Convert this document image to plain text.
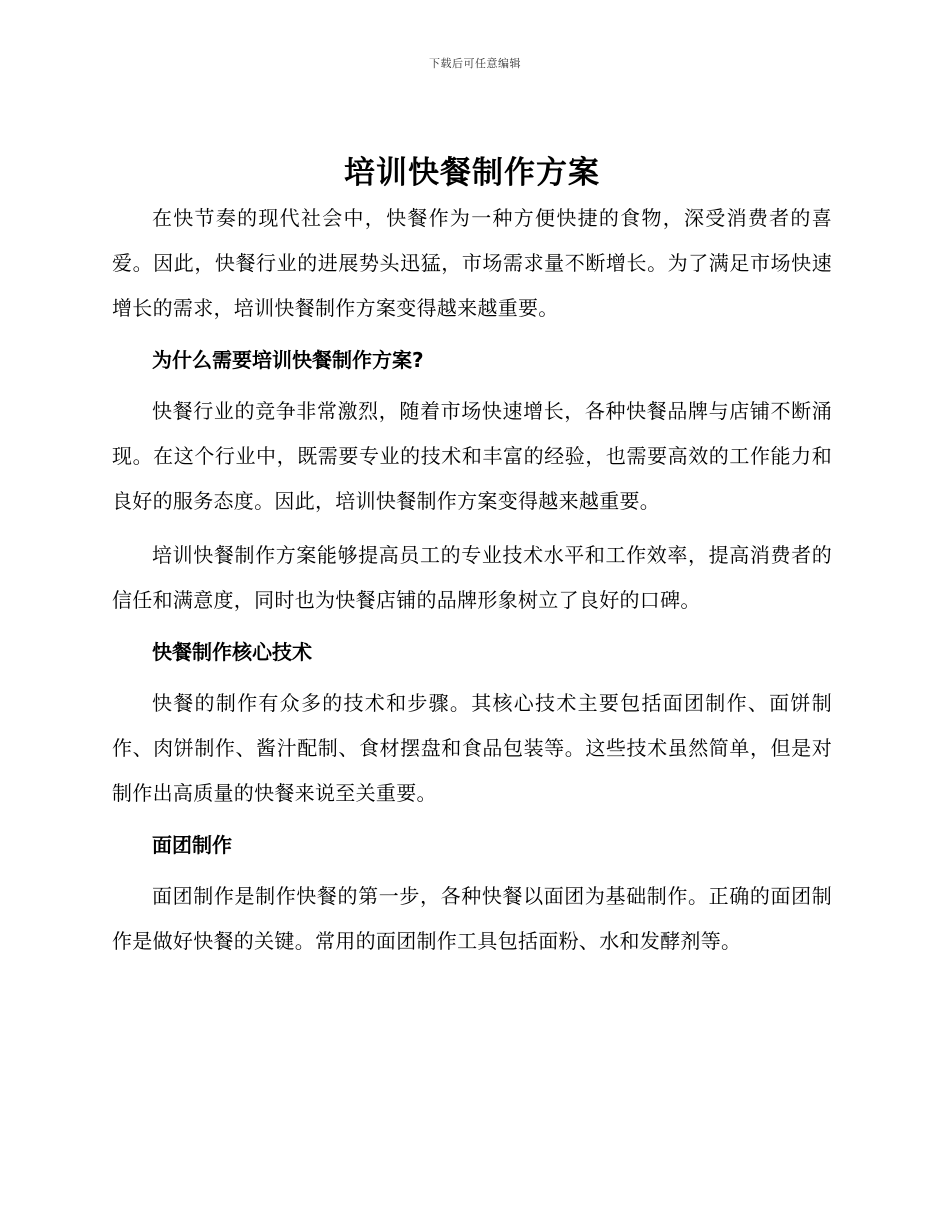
下载后可任意编辑
培训快餐制作方案

在快节奏的现代社会中，快餐作为一种方便快捷的食物，深受消费者的喜爱。因此，快餐行业的进展势头迅猛，市场需求量不断增长。为了满足市场快速增长的需求，培训快餐制作方案变得越来越重要。

为什么需要培训快餐制作方案?

快餐行业的竞争非常激烈，随着市场快速增长，各种快餐品牌与店铺不断涌现。在这个行业中，既需要专业的技术和丰富的经验，也需要高效的工作能力和良好的服务态度。因此，培训快餐制作方案变得越来越重要。

培训快餐制作方案能够提高员工的专业技术水平和工作效率，提高消费者的信任和满意度，同时也为快餐店铺的品牌形象树立了良好的口碑。

快餐制作核心技术

快餐的制作有众多的技术和步骤。其核心技术主要包括面团制作、面饼制作、肉饼制作、酱汁配制、食材摆盘和食品包装等。这些技术虽然简单，但是对制作出高质量的快餐来说至关重要。

面团制作

面团制作是制作快餐的第一步，各种快餐以面团为基础制作。正确的面团制作是做好快餐的关键。常用的面团制作工具包括面粉、水和发酵剂等。
